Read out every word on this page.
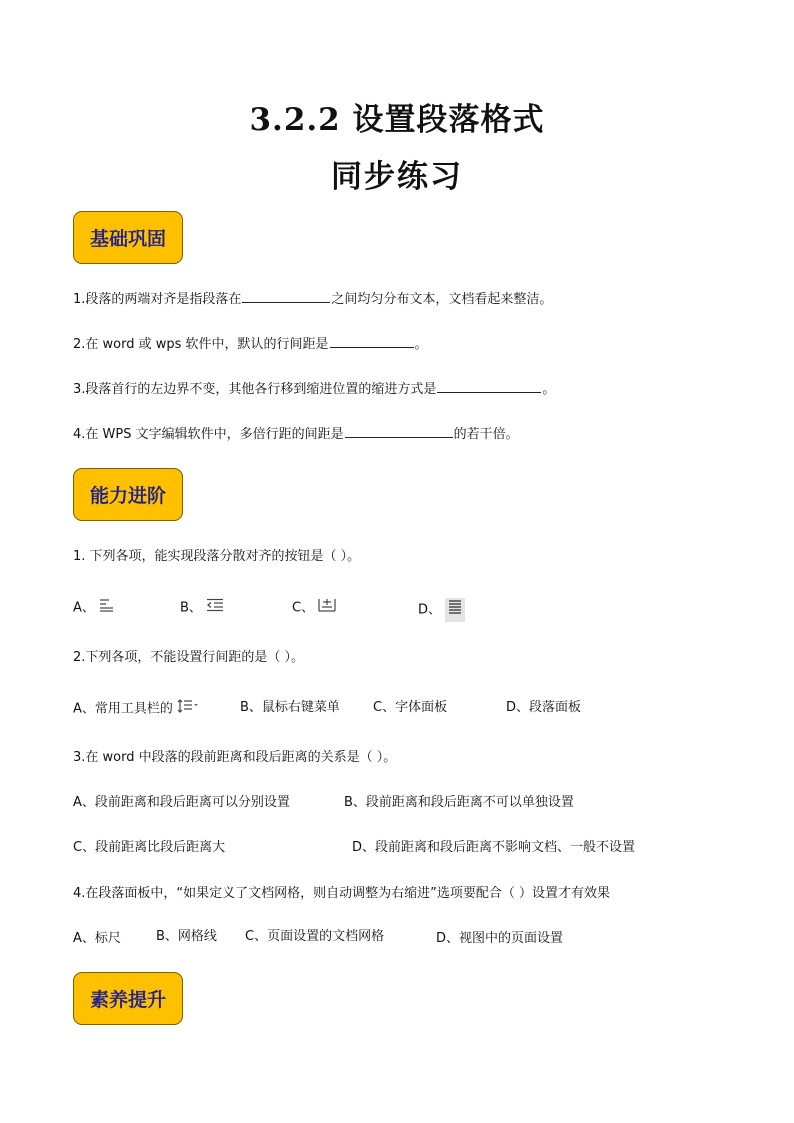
3.2.2 设置段落格式
同步练习
基础巩固
1.段落的两端对齐是指段落在	之间均匀分布文本，文档看起来整洁。
2.在 word 或 wps 软件中，默认的行间距是	。
3.段落首行的左边界不变，其他各行移到缩进位置的缩进方式是	。
4.在 WPS 文字编辑软件中，多倍行距的间距是	的若干倍。
能力进阶
1. 下列各项，能实现段落分散对齐的按钮是（ ）。
A、	B、	C、	D、
2.下列各项，不能设置行间距的是（ ）。
A、常用工具栏的	B、鼠标右键菜单	C、字体面板	D、段落面板
3.在 word 中段落的段前距离和段后距离的关系是（ ）。
A、段前距离和段后距离可以分别设置	B、段前距离和段后距离不可以单独设置
C、段前距离比段后距离大	D、段前距离和段后距离不影响文档、一般不设置
4.在段落面板中，“如果定义了文档网格，则自动调整为右缩进”选项要配合（ ）设置才有效果
A、标尺	B、网格线 C、页面设置的文档网格	D、视图中的页面设置
素养提升
